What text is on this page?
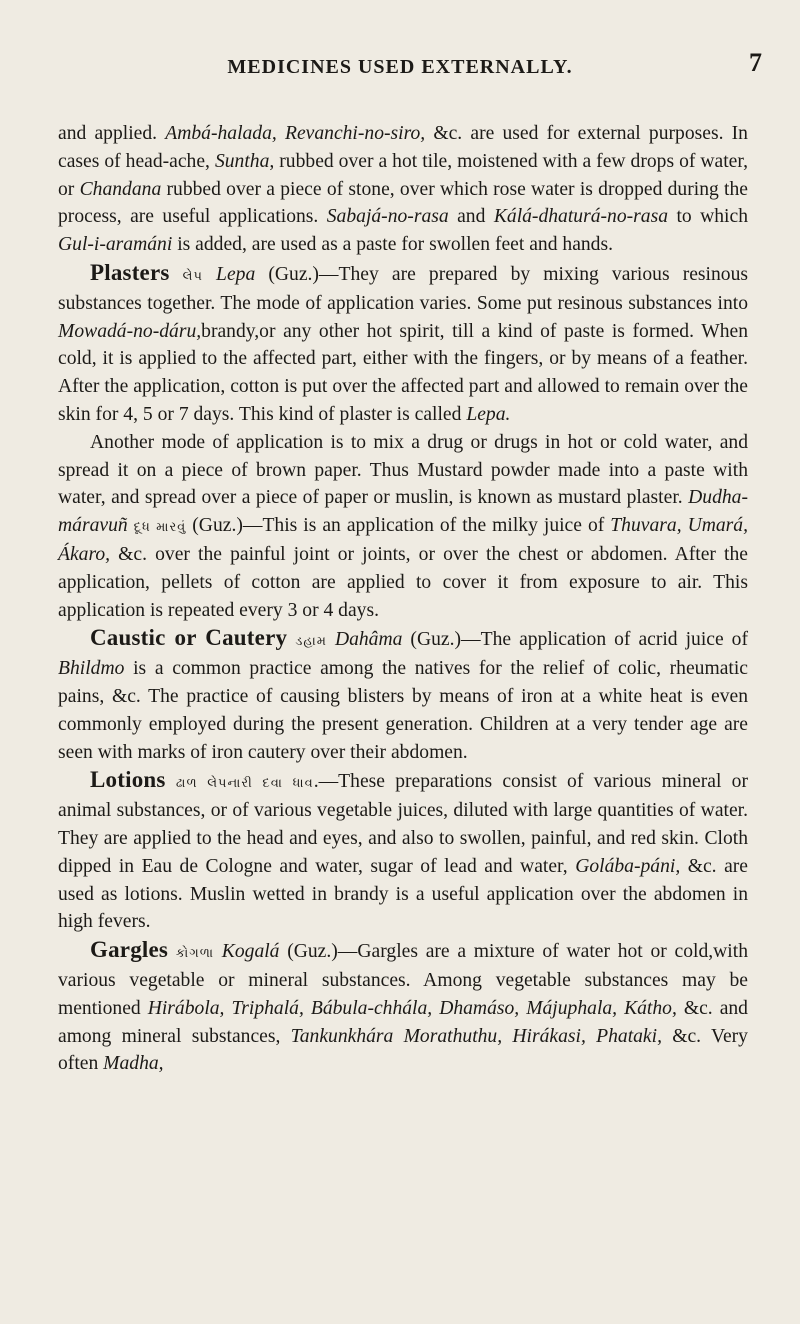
MEDICINES USED EXTERNALLY.	7

and applied. Ambá-halada, Revanchi-no-siro, &c. are used for external purposes. In cases of head-ache, Suntha, rubbed over a hot tile, moistened with a few drops of water, or Chandana rubbed over a piece of stone, over which rose water is dropped during the process, are useful applications. Sabajá-no-rasa and Kálá-dhaturá-no-rasa to which Gul-i-aramáni is added, are used as a paste for swollen feet and hands.

Plasters લેપ Lepa (Guz.)—They are prepared by mixing various resinous substances together. The mode of application varies. Some put resinous substances into Mowadá-no-dáru,brandy,or any other hot spirit, till a kind of paste is formed. When cold, it is applied to the affected part, either with the fingers, or by means of a feather. After the application, cotton is put over the affected part and allowed to remain over the skin for 4, 5 or 7 days. This kind of plaster is called Lepa.

Another mode of application is to mix a drug or drugs in hot or cold water, and spread it on a piece of brown paper. Thus Mustard powder made into a paste with water, and spread over a piece of paper or muslin, is known as mustard plaster. Dudha-máravuñ દૂધ મારવું (Guz.)—This is an application of the milky juice of Thuvara, Umará, Ákaro, &c. over the painful joint or joints, or over the chest or abdomen. After the application, pellets of cotton are applied to cover it from exposure to air. This application is repeated every 3 or 4 days.

Caustic or Cautery ડહામ Dahâma (Guz.)—The application of acrid juice of Bhildmo is a common practice among the natives for the relief of colic, rheumatic pains, &c. The practice of causing blisters by means of iron at a white heat is even commonly employed during the present generation. Children at a very tender age are seen with marks of iron cautery over their abdomen.

Lotions ઢાળ લેપનારી દવા ધાવ.—These preparations consist of various mineral or animal substances, or of various vegetable juices, diluted with large quantities of water. They are applied to the head and eyes, and also to swollen, painful, and red skin. Cloth dipped in Eau de Cologne and water, sugar of lead and water, Golába-páni, &c. are used as lotions. Muslin wetted in brandy is a useful application over the abdomen in high fevers.

Gargles કોગળા Kogalá (Guz.)—Gargles are a mixture of water hot or cold,with various vegetable or mineral substances. Among vegetable substances may be mentioned Hirábola, Triphalá, Bábula-chhála, Dhamáso, Májuphala, Kátho, &c. and among mineral substances, Tankunkhára Morathuthu, Hirákasi, Phataki, &c. Very often Madha,
